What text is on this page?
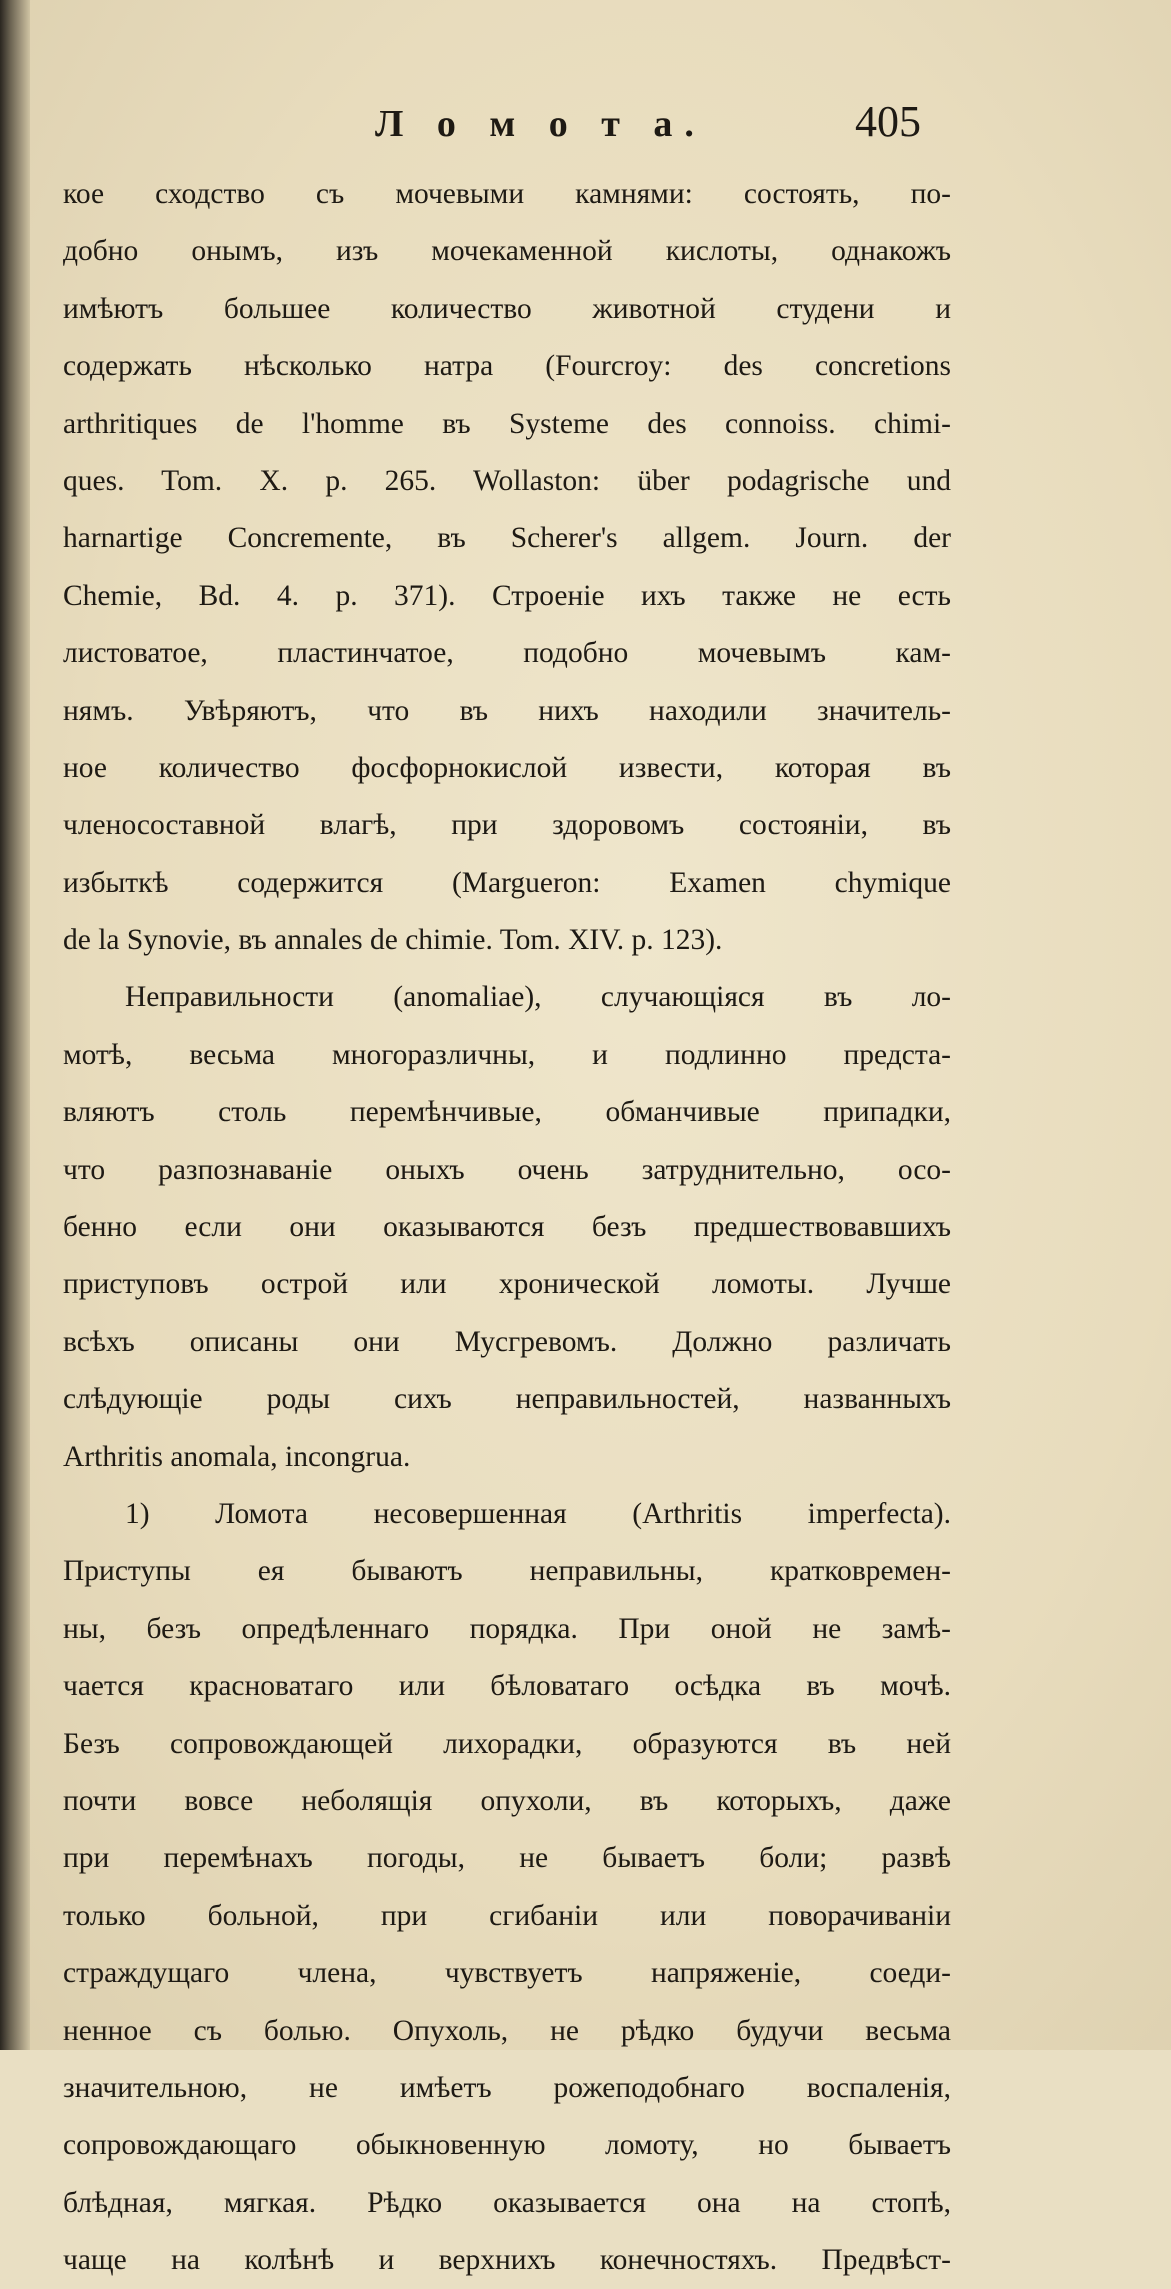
Л о м о т а.	405
кое сходство съ мочевыми камнями: состоять, по-
добно онымъ, изъ мочекаменной кислоты, однакожъ
имѣютъ большее количество животной студени и
содержать нѣсколько натра (Fourcroy: des concretions
arthritiques de l'homme въ Systeme des connoiss. chimi-
ques. Tom. X. p. 265. Wollaston: über podagrische und
harnartige Concremente, въ Scherer's allgem. Journ. der
Chemie, Bd. 4. p. 371). Строеніе ихъ также не есть
листоватое, пластинчатое, подобно мочевымъ кам-
нямъ. Увѣряютъ, что въ нихъ находили значитель-
ное количество фосфорнокислой извести, которая въ
членосоставной влагѣ, при здоровомъ состояніи, въ
избыткѣ содержится (Margueron: Examen chymique
de la Synovie, въ annales de chimie. Tom. XIV. p. 123).
Неправильности (anomaliae), случающіяся въ ло-
мотѣ, весьма многоразличны, и подлинно предста-
вляютъ столь перемѣнчивые, обманчивые припадки,
что разпознаваніе оныхъ очень затруднительно, осо-
бенно если они оказываются безъ предшествовавшихъ
приступовъ острой или хронической ломоты. Лучше
всѣхъ описаны они Мусгревомъ. Должно различать
слѣдующіе роды сихъ неправильностей, названныхъ
Arthritis anomala, incongrua.
1) Ломота несовершенная (Arthritis imperfecta).
Приступы ея бываютъ неправильны, кратковремен-
ны, безъ опредѣленнаго порядка. При оной не замѣ-
чается красноватаго или бѣловатаго осѣдка въ мочѣ.
Безъ сопровождающей лихорадки, образуются въ ней
почти вовсе неболящія опухоли, въ которыхъ, даже
при перемѣнахъ погоды, не бываетъ боли; развѣ
только больной, при сгибаніи или поворачиваніи
страждущаго члена, чувствуетъ напряженіе, соеди-
ненное съ болью. Опухоль, не рѣдко будучи весьма
значительною, не имѣетъ рожеподобнаго воспаленія,
сопровождающаго обыкновенную ломоту, но бываетъ
блѣдная, мягкая. Рѣдко оказывается она на стопѣ,
чаще на колѣнѣ и верхнихъ конечностяхъ. Предвѣст-
